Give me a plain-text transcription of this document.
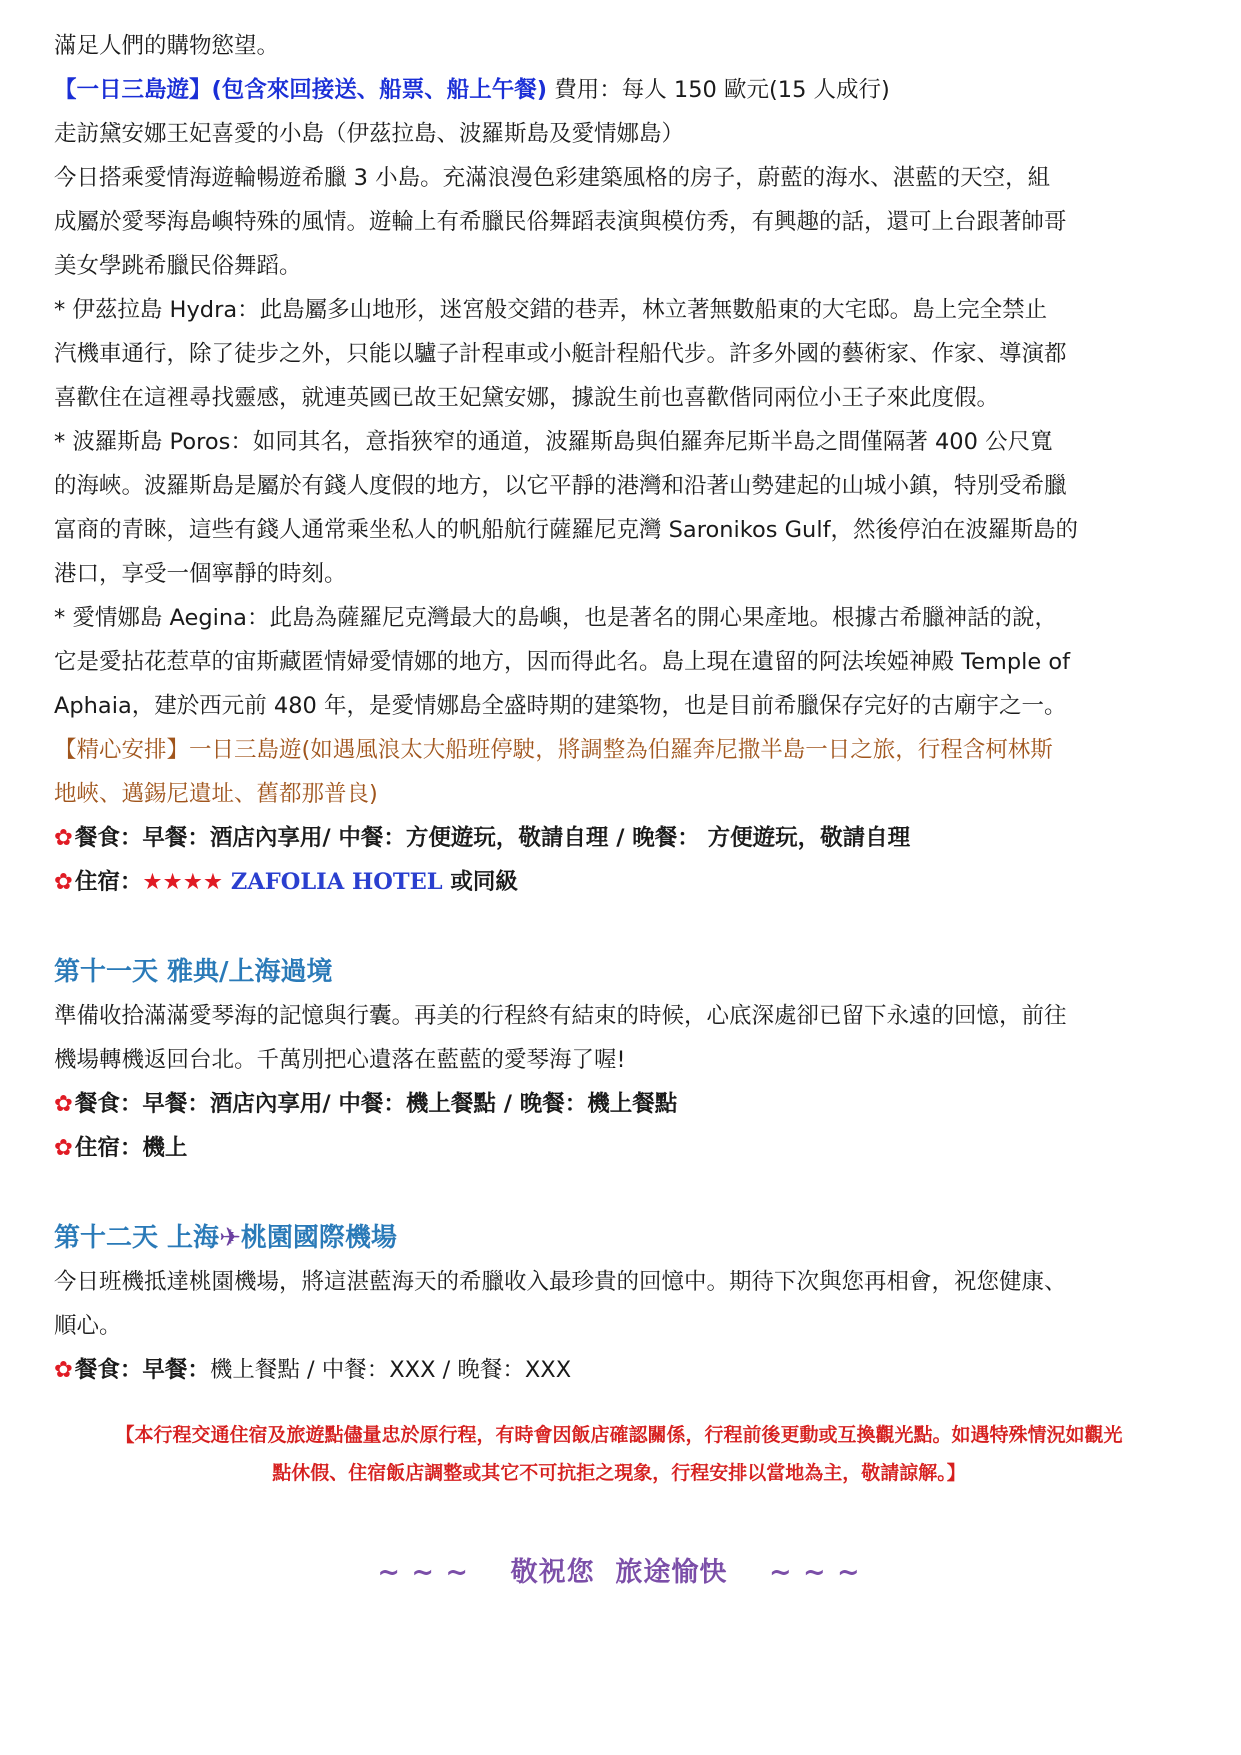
滿足人們的購物慾望。
【一日三島遊】(包含來回接送、船票、船上午餐) 費用：每人 150 歐元(15 人成行)
走訪黛安娜王妃喜愛的小島（伊茲拉島、波羅斯島及愛情娜島）
今日搭乘愛情海遊輪暢遊希臘 3 小島。充滿浪漫色彩建築風格的房子，蔚藍的海水、湛藍的天空，組
成屬於愛琴海島嶼特殊的風情。遊輪上有希臘民俗舞蹈表演與模仿秀，有興趣的話，還可上台跟著帥哥
美女學跳希臘民俗舞蹈。
* 伊茲拉島 Hydra：此島屬多山地形，迷宮般交錯的巷弄，林立著無數船東的大宅邸。島上完全禁止
汽機車通行，除了徒步之外，只能以驢子計程車或小艇計程船代步。許多外國的藝術家、作家、導演都
喜歡住在這裡尋找靈感，就連英國已故王妃黛安娜，據說生前也喜歡偕同兩位小王子來此度假。
* 波羅斯島 Poros：如同其名，意指狹窄的通道，波羅斯島與伯羅奔尼斯半島之間僅隔著 400 公尺寬
的海峽。波羅斯島是屬於有錢人度假的地方，以它平靜的港灣和沿著山勢建起的山城小鎮，特別受希臘
富商的青睞，這些有錢人通常乘坐私人的帆船航行薩羅尼克灣 Saronikos Gulf，然後停泊在波羅斯島的
港口，享受一個寧靜的時刻。
* 愛情娜島 Aegina：此島為薩羅尼克灣最大的島嶼，也是著名的開心果產地。根據古希臘神話的說，
它是愛拈花惹草的宙斯藏匿情婦愛情娜的地方，因而得此名。島上現在遺留的阿法埃婭神殿 Temple of
Aphaia，建於西元前 480 年，是愛情娜島全盛時期的建築物，也是目前希臘保存完好的古廟宇之一。
【精心安排】一日三島遊(如遇風浪太大船班停駛，將調整為伯羅奔尼撒半島一日之旅，行程含柯林斯
地峽、邁錫尼遺址、舊都那普良)
✿餐食：早餐：酒店內享用/ 中餐：方便遊玩，敬請自理 / 晚餐： 方便遊玩，敬請自理
✿住宿：★★★★ ZAFOLIA HOTEL 或同級
第十一天 雅典/上海過境
準備收拾滿滿愛琴海的記憶與行囊。再美的行程終有結束的時候，心底深處卻已留下永遠的回憶，前往
機場轉機返回台北。千萬別把心遺落在藍藍的愛琴海了喔!
✿餐食：早餐：酒店內享用/ 中餐：機上餐點 / 晚餐：機上餐點
✿住宿：機上
第十二天 上海✈桃園國際機場
今日班機抵達桃園機場，將這湛藍海天的希臘收入最珍貴的回憶中。期待下次與您再相會，祝您健康、
順心。
✿餐食：早餐：機上餐點 / 中餐：XXX / 晚餐：XXX
【本行程交通住宿及旅遊點儘量忠於原行程，有時會因飯店確認關係，行程前後更動或互換觀光點。如遇特殊情況如觀光
點休假、住宿飯店調整或其它不可抗拒之現象，行程安排以當地為主，敬請諒解。】
~ ~ ~    敬祝您  旅途愉快    ~ ~ ~
